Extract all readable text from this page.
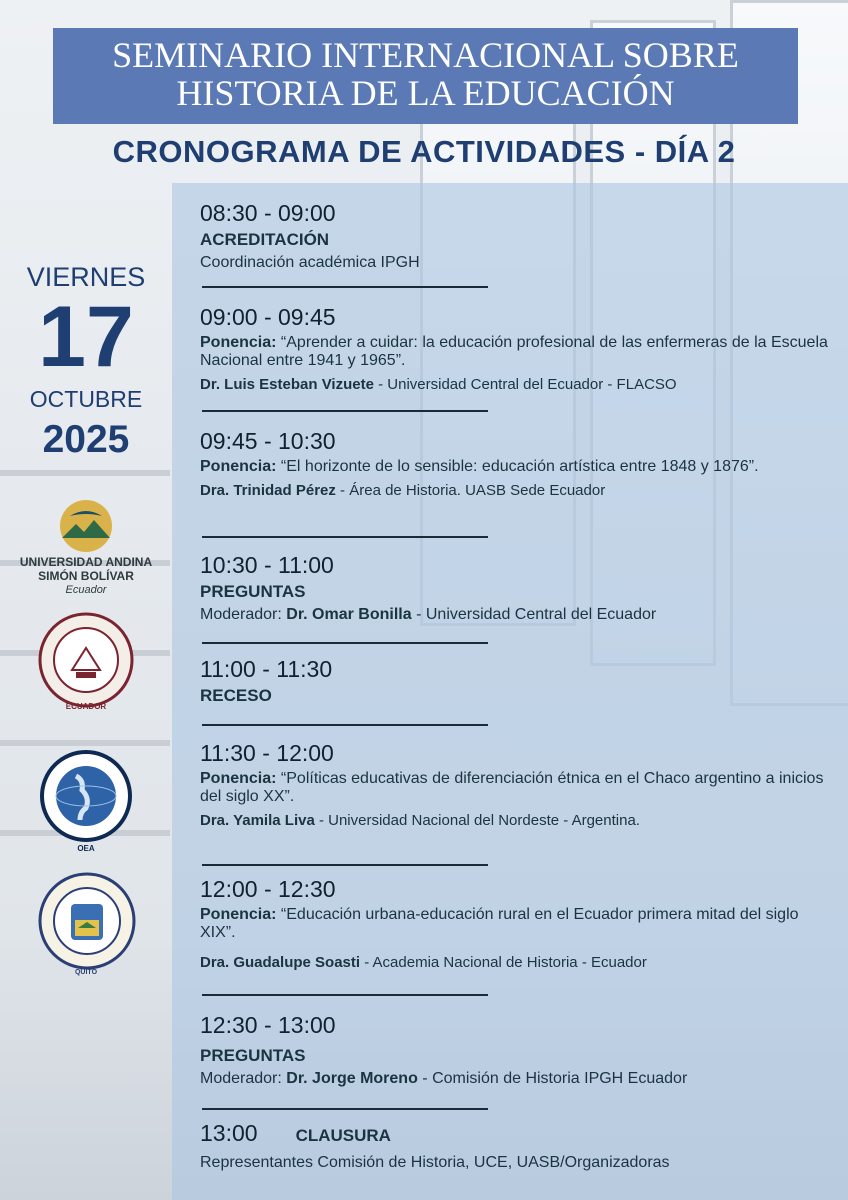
SEMINARIO INTERNACIONAL SOBRE
HISTORIA DE LA EDUCACIÓN
CRONOGRAMA DE ACTIVIDADES - DÍA 2
VIERNES
17
OCTUBRE
2025
UNIVERSIDAD ANDINA
SIMÓN BOLÍVAR
Ecuador
ECUADOR
OEA
QUITO
08:30 - 09:00
ACREDITACIÓN
Coordinación académica IPGH
09:00 - 09:45
Ponencia: “Aprender a cuidar: la educación profesional de las enfermeras de la Escuela Nacional entre 1941 y 1965”.
Dr. Luis Esteban Vizuete - Universidad Central del Ecuador - FLACSO
09:45 - 10:30
Ponencia: “El horizonte de lo sensible: educación artística entre 1848 y 1876”.
Dra. Trinidad Pérez - Área de Historia. UASB Sede Ecuador
10:30 - 11:00
PREGUNTAS
Moderador: Dr. Omar Bonilla - Universidad Central del Ecuador
11:00 - 11:30
RECESO
11:30 - 12:00
Ponencia: “Políticas educativas de diferenciación étnica en el Chaco argentino a inicios del siglo XX”.
Dra. Yamila Liva - Universidad Nacional del Nordeste - Argentina.
12:00 - 12:30
Ponencia: “Educación urbana-educación rural en el Ecuador primera mitad del siglo XIX”.
Dra. Guadalupe Soasti - Academia Nacional de Historia - Ecuador
12:30 - 13:00
PREGUNTAS
Moderador: Dr. Jorge Moreno - Comisión de Historia IPGH Ecuador
13:00 CLAUSURA
Representantes Comisión de Historia, UCE, UASB/Organizadoras
